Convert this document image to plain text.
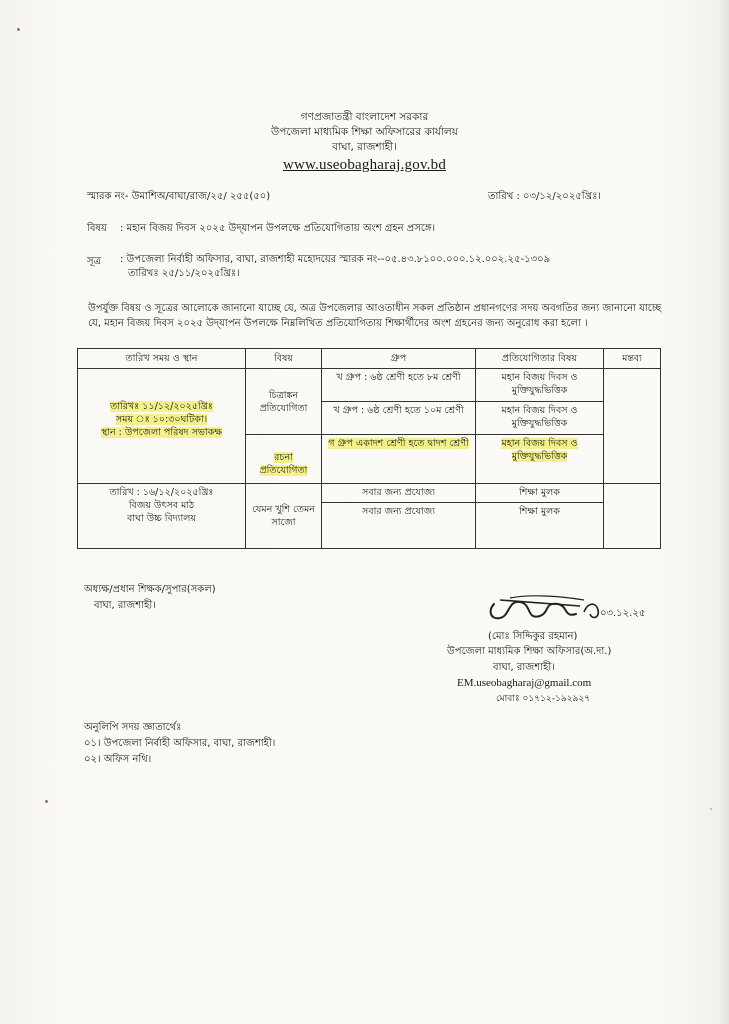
গণপ্রজাতন্ত্রী বাংলাদেশ সরকার
উপজেলা মাধ্যমিক শিক্ষা অফিসারের কার্যালয়
বাঘা, রাজশাহী।
www.useobagharaj.gov.bd
স্মারক নং- উমাশিঅ/বাঘা/রাজ/২৫/ ২৫৫(৫০)	তারিখ : ০৩/১২/২০২৫খ্রিঃ।
বিষয় : মহান বিজয় দিবস ২০২৫ উদ্‌যাপন উপলক্ষে প্রতিযোগিতায় অংশ গ্রহন প্রসঙ্গে।
সূত্র : উপজেলা নির্বাহী অফিসার, বাঘা, রাজশাহী মহোদয়ের স্মারক নং--০৫.৪৩.৮১০০.০০০.১২.০০২.২৫-১৩০৯
তারিখঃ ২৫/১১/২০২৫খ্রিঃ।
উপর্যুক্ত বিষয় ও সূত্রের আলোকে জানানো যাচ্ছে যে, অত্র উপজেলার আওতাধীন সকল প্রতিষ্ঠান প্রধানগণের সদয় অবগতির জন্য জানানো যাচ্ছে যে, মহান বিজয় দিবস ২০২৫ উদ্‌যাপন উপলক্ষে নিম্নলিখিত প্রতিযোগিতায় শিক্ষার্থীদের অংশ গ্রহনের জন্য অনুরোধ করা হলো ।
তারিখ সময় ও স্থান	বিষয়	গ্রুপ	প্রতিযোগিতার বিষয়	মন্তব্য

তারিখঃ ১১/১২/২০২৫খ্রিঃ
সময় ঃ ১০:৩০ঘটিকা।
স্থান : উপজেলা পরিষদ সভাকক্ষ	চিত্রাঙ্কন প্রতিযোগিতা	খ গ্রুপ : ৬ষ্ঠ শ্রেণী হতে ৮ম শ্রেণী	মহান বিজয় দিবস ও মুক্তিযুদ্ধভিত্তিক	
		খ গ্রুপ : ৬ষ্ঠ শ্রেণী হতে ১০ম শ্রেণী	মহান বিজয় দিবস ও মুক্তিযুদ্ধভিত্তিক	
	রচনা প্রতিযোগিতা	গ গ্রুপ একাদশ শ্রেণী হতে দ্বাদশ শ্রেণী	মহান বিজয় দিবস ও মুক্তিযুদ্ধভিত্তিক	
তারিখ : ১৬/১২/২০২৫খ্রিঃ
বিজয় উৎসব মাঠ
বাঘা উচ্চ বিদ্যালয়	যেমন খুশি তেমন সাজো	সবার জন্য প্রযোজ্য	শিক্ষা মুলক	
		সবার জন্য প্রযোজ্য	শিক্ষা মুলক	
অধ্যক্ষ/প্রধান শিক্ষক/সুপার(সকল)
বাঘা, রাজশাহী।
০৩.১২.২৫
(মোঃ সিদ্দিকুর রহমান)
উপজেলা মাধ্যমিক শিক্ষা অফিসার(অ.দা.)
বাঘা, রাজশাহী।
EM.useobagharaj@gmail.com
মোবাঃ ০১৭১২-১৯২৯২৭
অনুলিপি সদয় জ্ঞাতার্থেঃ
০১। উপজেলা নির্বাহী অফিসার, বাঘা, রাজশাহী।
০২। অফিস নথি।
